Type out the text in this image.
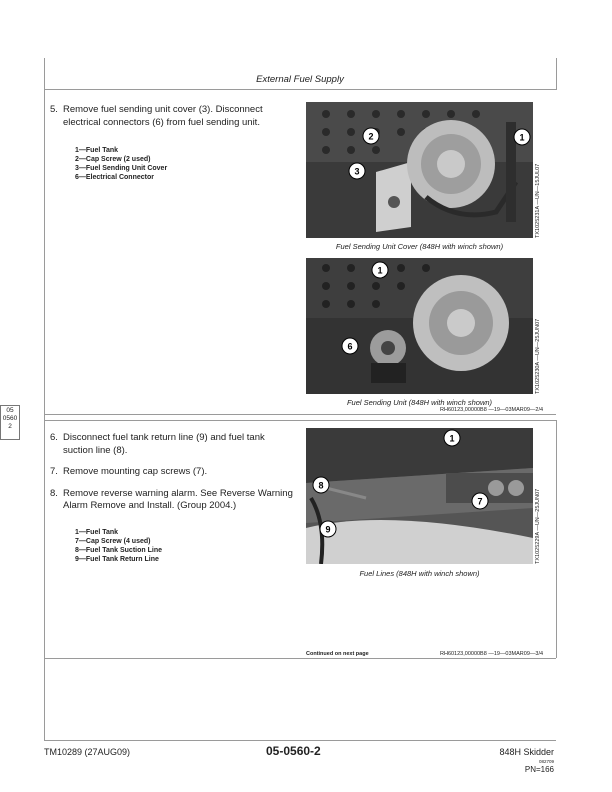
External Fuel Supply
5. Remove fuel sending unit cover (3). Disconnect electrical connectors (6) from fuel sending unit.
1—Fuel Tank
2—Cap Screw (2 used)
3—Fuel Sending Unit Cover
6—Electrical Connector
2	1
3	TX1025231A —UN—15JUL07
Fuel Sending Unit Cover (848H with winch shown)
1
6	TX1025230A —UN—25JUN07
Fuel Sending Unit (848H with winch shown)
RH60123,00000B8 —19—03MAR09—2/4
05
0560
2
6. Disconnect fuel tank return line (9) and fuel tank suction line (8).
7. Remove mounting cap screws (7).
8. Remove reverse warning alarm. See Reverse Warning Alarm Remove and Install. (Group 2004.)
1—Fuel Tank
7—Cap Screw (4 used)
8—Fuel Tank Suction Line
9—Fuel Tank Return Line
1
8
7
9	TX1025229A —UN—25JUN07
Fuel Lines (848H with winch shown)
Continued on next page	RH60123,00000B8 —19—03MAR09—3/4
TM10289 (27AUG09)	05-0560-2	848H Skidder
082709
PN=166
